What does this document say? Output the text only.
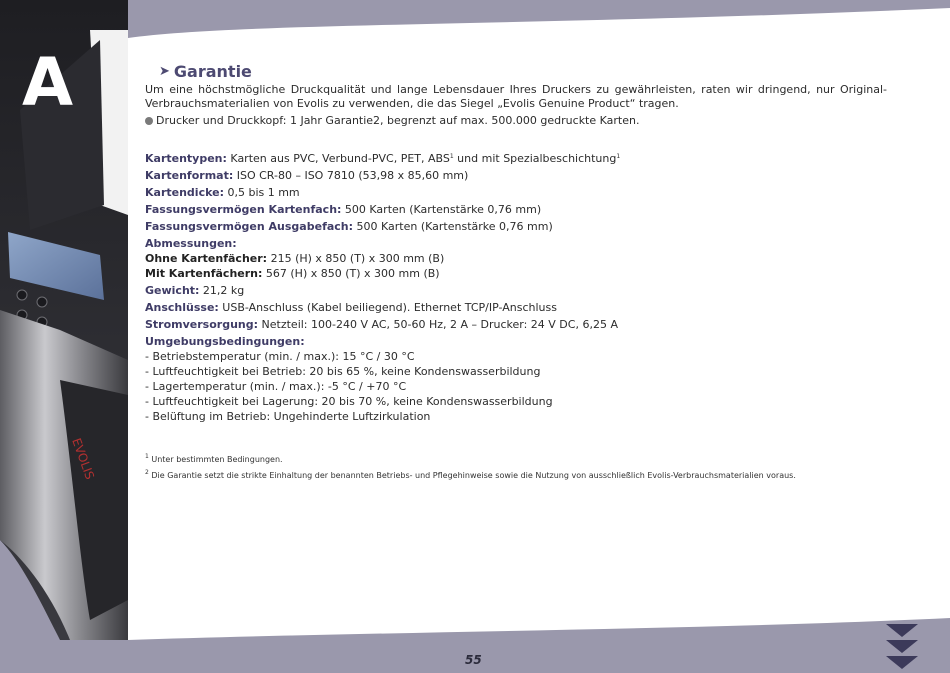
EVOLIS
A	➤ Garantie
Um eine höchstmögliche Druckqualität und lange Lebensdauer Ihres Druckers zu gewährleisten, raten wir dringend, nur Original-Verbrauchsmaterialien von Evolis zu verwenden, die das Siegel „Evolis Genuine Product“ tragen.
Drucker und Druckkopf: 1 Jahr Garantie2, begrenzt auf max. 500.000 gedruckte Karten.
Kartentypen: Karten aus PVC, Verbund-PVC, PET, ABS$^1$ und mit Spezialbeschichtung$^1$
Kartenformat: ISO CR-80 – ISO 7810 (53,98 x 85,60 mm)
Kartendicke: 0,5 bis 1 mm
Fassungsvermögen Kartenfach: 500 Karten (Kartenstärke 0,76 mm)
Fassungsvermögen Ausgabefach: 500 Karten (Kartenstärke 0,76 mm)
Abmessungen:
Ohne Kartenfächer: 215 (H) x 850 (T) x 300 mm (B)
Mit Kartenfächern: 567 (H) x 850 (T) x 300 mm (B)
Gewicht: 21,2 kg
Anschlüsse: USB-Anschluss (Kabel beiliegend). Ethernet TCP/IP-Anschluss
Stromversorgung: Netzteil: 100-240 V AC, 50-60 Hz, 2 A – Drucker: 24 V DC, 6,25 A
Umgebungsbedingungen:
- Betriebstemperatur (min. / max.): 15 °C / 30 °C
- Luftfeuchtigkeit bei Betrieb: 20 bis 65 %, keine Kondenswasserbildung
- Lagertemperatur (min. / max.): -5 °C / +70 °C
- Luftfeuchtigkeit bei Lagerung: 20 bis 70 %, keine Kondenswasserbildung
- Belüftung im Betrieb: Ungehinderte Luftzirkulation
$^1$ Unter bestimmten Bedingungen.
$^2$ Die Garantie setzt die strikte Einhaltung der benannten Betriebs- und Pflegehinweise sowie die Nutzung von ausschließlich Evolis-Verbrauchsmaterialien voraus.
55
